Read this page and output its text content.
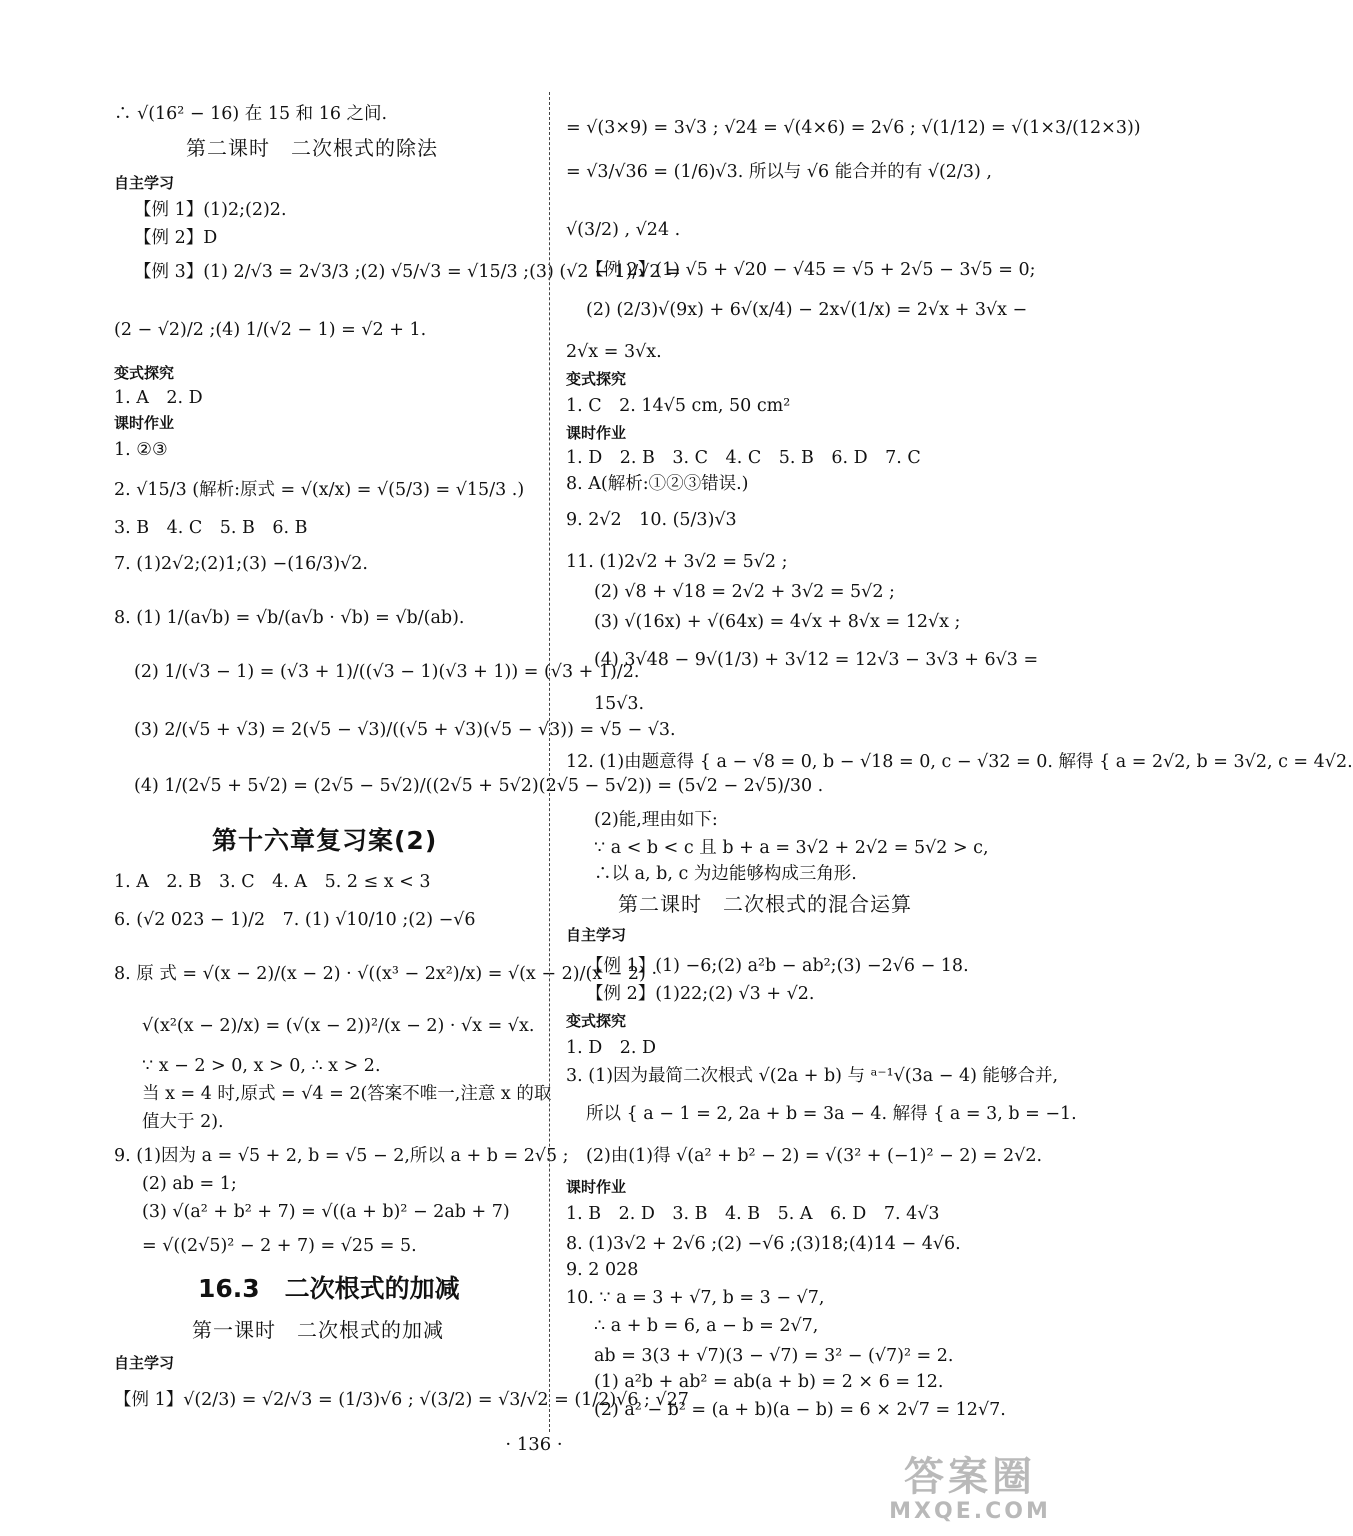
∴ √(16² − 16) 在 15 和 16 之间.
第二课时　二次根式的除法
自主学习
【例 1】(1)2;(2)2.
【例 2】D
【例 3】(1) 2/√3 = 2√3/3 ;(2) √5/√3 = √15/3 ;(3) (√2 − 1)/√2 =
(2 − √2)/2 ;(4) 1/(√2 − 1) = √2 + 1.
变式探究
1. A　2. D
课时作业
1. ②③
2. √15/3 (解析:原式 = √(x/x) = √(5/3) = √15/3 .)
3. B　4. C　5. B　6. B
7. (1)2√2;(2)1;(3) −(16/3)√2.
8. (1) 1/(a√b) = √b/(a√b · √b) = √b/(ab).
(2) 1/(√3 − 1) = (√3 + 1)/((√3 − 1)(√3 + 1)) = (√3 + 1)/2.
(3) 2/(√5 + √3) = 2(√5 − √3)/((√5 + √3)(√5 − √3)) = √5 − √3.
(4) 1/(2√5 + 5√2) = (2√5 − 5√2)/((2√5 + 5√2)(2√5 − 5√2)) = (5√2 − 2√5)/30 .
第十六章复习案(2)
1. A　2. B　3. C　4. A　5. 2 ≤ x < 3
6. (√2 023 − 1)/2　7. (1) √10/10 ;(2) −√6
8. 原 式 = √(x − 2)/(x − 2) · √((x³ − 2x²)/x) = √(x − 2)/(x − 2) ·
√(x²(x − 2)/x) = (√(x − 2))²/(x − 2) · √x = √x.
∵ x − 2 > 0, x > 0, ∴ x > 2.
当 x = 4 时,原式 = √4 = 2(答案不唯一,注意 x 的取
值大于 2).
9. (1)因为 a = √5 + 2, b = √5 − 2,所以 a + b = 2√5 ;
(2) ab = 1;
(3) √(a² + b² + 7) = √((a + b)² − 2ab + 7)
= √((2√5)² − 2 + 7) = √25 = 5.
16.3　二次根式的加减
第一课时　二次根式的加减
自主学习
【例 1】√(2/3) = √2/√3 = (1/3)√6 ; √(3/2) = √3/√2 = (1/2)√6 ; √27
= √(3×9) = 3√3 ; √24 = √(4×6) = 2√6 ; √(1/12) = √(1×3/(12×3))
= √3/√36 = (1/6)√3. 所以与 √6 能合并的有 √(2/3) ,
√(3/2) , √24 .
【例 2】(1) √5 + √20 − √45 = √5 + 2√5 − 3√5 = 0;
(2) (2/3)√(9x) + 6√(x/4) − 2x√(1/x) = 2√x + 3√x −
2√x = 3√x.
变式探究
1. C　2. 14√5 cm, 50 cm²
课时作业
1. D　2. B　3. C　4. C　5. B　6. D　7. C
8. A(解析:①②③错误.)
9. 2√2　10. (5/3)√3
11. (1)2√2 + 3√2 = 5√2 ;
(2) √8 + √18 = 2√2 + 3√2 = 5√2 ;
(3) √(16x) + √(64x) = 4√x + 8√x = 12√x ;
(4) 3√48 − 9√(1/3) + 3√12 = 12√3 − 3√3 + 6√3 =
15√3.
12. (1)由题意得 { a − √8 = 0, b − √18 = 0, c − √32 = 0. 解得 { a = 2√2, b = 3√2, c = 4√2.
(2)能,理由如下:
∵ a < b < c 且 b + a = 3√2 + 2√2 = 5√2 > c,
∴以 a, b, c 为边能够构成三角形.
第二课时　二次根式的混合运算
自主学习
【例 1】(1) −6;(2) a²b − ab²;(3) −2√6 − 18.
【例 2】(1)22;(2) √3 + √2.
变式探究
1. D　2. D
3. (1)因为最简二次根式 √(2a + b) 与 ᵃ⁻¹√(3a − 4) 能够合并,
所以 { a − 1 = 2, 2a + b = 3a − 4. 解得 { a = 3, b = −1.
(2)由(1)得 √(a² + b² − 2) = √(3² + (−1)² − 2) = 2√2.
课时作业
1. B　2. D　3. B　4. B　5. A　6. D　7. 4√3
8. (1)3√2 + 2√6 ;(2) −√6 ;(3)18;(4)14 − 4√6.
9. 2 028
10. ∵ a = 3 + √7, b = 3 − √7,
∴ a + b = 6, a − b = 2√7,
ab = 3(3 + √7)(3 − √7) = 3² − (√7)² = 2.
(1) a²b + ab² = ab(a + b) = 2 × 6 = 12.
(2) a² − b² = (a + b)(a − b) = 6 × 2√7 = 12√7.
· 136 ·
答案圈
MXQE.COM
